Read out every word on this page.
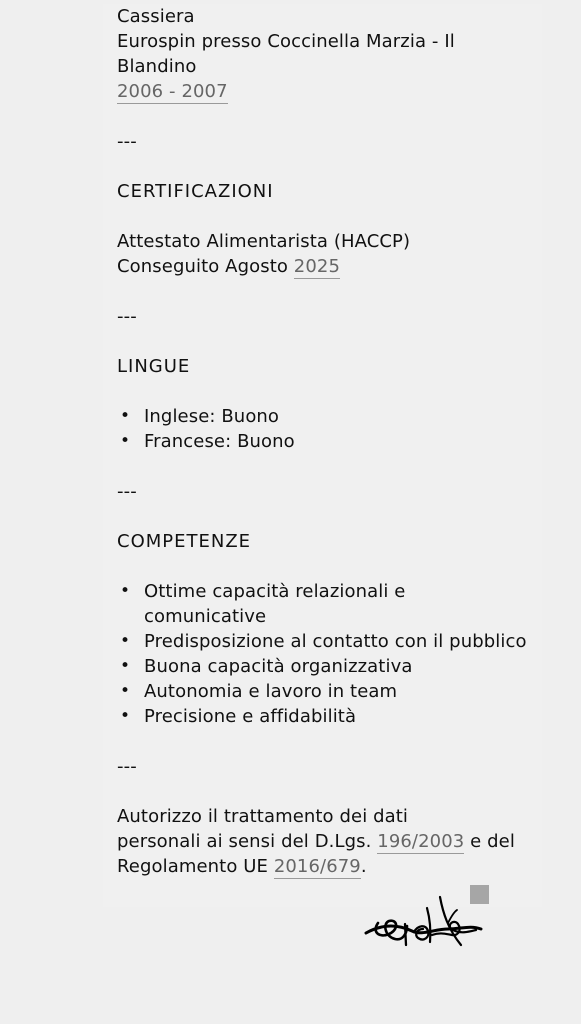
Cassiera
Eurospin presso Coccinella Marzia - Il
Blandino
2006 - 2007
---
CERTIFICAZIONI
Attestato Alimentarista (HACCP)
Conseguito Agosto 2025
---
LINGUE
• Inglese: Buono
• Francese: Buono
---
COMPETENZE
• Ottime capacità relazionali e comunicative
• Predisposizione al contatto con il pubblico
• Buona capacità organizzativa
• Autonomia e lavoro in team
• Precisione e affidabilità
---
Autorizzo il trattamento dei dati
personali ai sensi del D.Lgs. 196/2003 e del
Regolamento UE 2016/679.
